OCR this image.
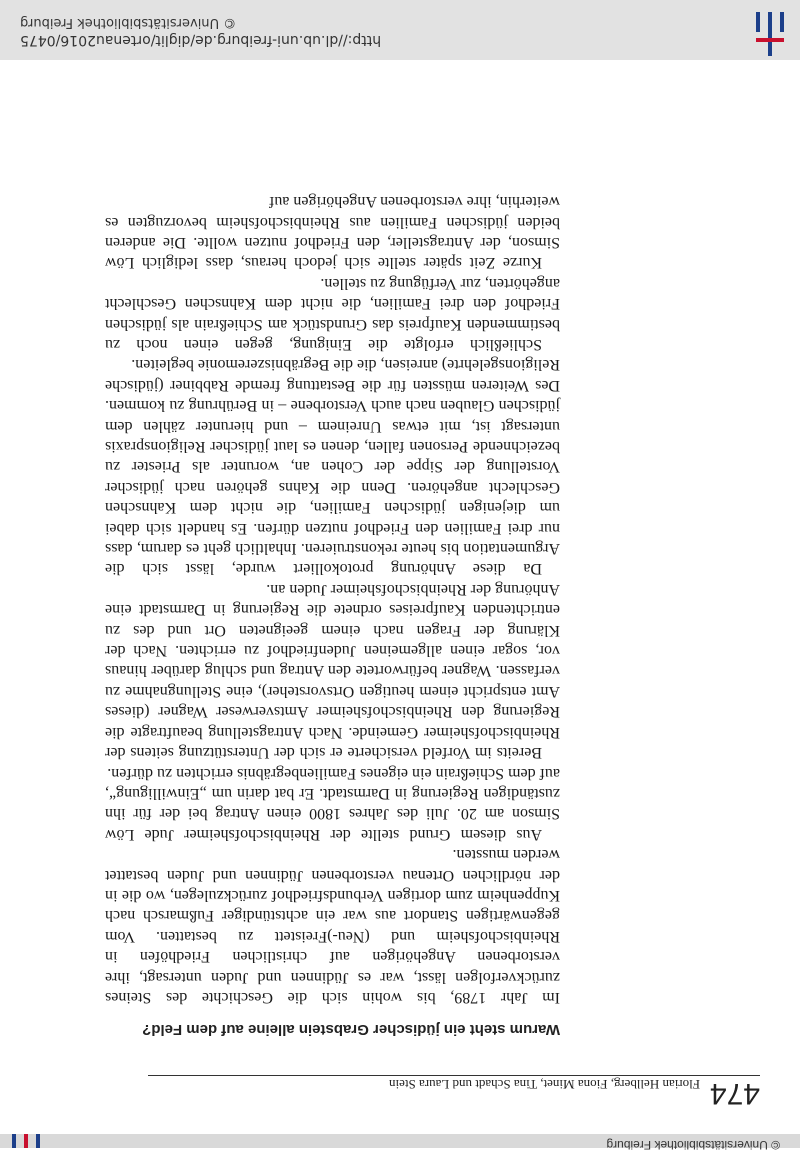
© Universitätsbibliothek Freiburg
474
Florian Hellberg, Fiona Minet, Tina Schadt und Laura Stein
Warum steht ein jüdischer Grabstein alleine auf dem Feld?

Im Jahr 1789, bis wohin sich die Geschichte des Steines zurückverfolgen lässt, war es Jüdinnen und Juden untersagt, ihre verstorbenen Angehörigen auf christlichen Friedhöfen in Rheinbischofsheim und (Neu-)Freistett zu bestatten. Vom gegenwärtigen Standort aus war ein achtstündiger Fußmarsch nach Kuppenheim zum dortigen Verbundsfriedhof zurückzulegen, wo die in der nördlichen Ortenau verstorbenen Jüdinnen und Juden bestattet werden mussten.

Aus diesem Grund stellte der Rheinbischofsheimer Jude Löw Simson am 20. Juli des Jahres 1800 einen Antrag bei der für ihn zuständigen Regierung in Darmstadt. Er bat darin um „Einwilligung“, auf dem Schießrain ein eigenes Familienbegräbnis errichten zu dürfen.

Bereits im Vorfeld versicherte er sich der Unterstützung seitens der Rheinbischofsheimer Gemeinde. Nach Antragstellung beauftragte die Regierung den Rheinbischofsheimer Amtsverweser Wagner (dieses Amt entspricht einem heutigen Ortsvorsteher), eine Stellungnahme zu verfassen. Wagner befürwortete den Antrag und schlug darüber hinaus vor, sogar einen allgemeinen Judenfriedhof zu errichten. Nach der Klärung der Fragen nach einem geeigneten Ort und des zu entrichtenden Kaufpreises ordnete die Regierung in Darmstadt eine Anhörung der Rheinbischofsheimer Juden an.

Da diese Anhörung protokolliert wurde, lässt sich die Argumentation bis heute rekonstruieren. Inhaltlich geht es darum, dass nur drei Familien den Friedhof nutzen dürfen. Es handelt sich dabei um diejenigen jüdischen Familien, die nicht dem Kahnschen Geschlecht angehören. Denn die Kahns gehören nach jüdischer Vorstellung der Sippe der Cohen an, worunter als Priester zu bezeichnende Personen fallen, denen es laut jüdischer Religionspraxis untersagt ist, mit etwas Unreinem – und hierunter zählen dem jüdischen Glauben nach auch Verstorbene – in Berührung zu kommen. Des Weiteren müssten für die Bestattung fremde Rabbiner (jüdische Religionsgelehrte) anreisen, die die Begräbniszeremonie begleiten.

Schließlich erfolgte die Einigung, gegen einen noch zu bestimmenden Kaufpreis das Grundstück am Schießrain als jüdischen Friedhof den drei Familien, die nicht dem Kahnschen Geschlecht angehörten, zur Verfügung zu stellen.

Kurze Zeit später stellte sich jedoch heraus, dass lediglich Löw Simson, der Antragsteller, den Friedhof nutzen wollte. Die anderen beiden jüdischen Familien aus Rheinbischofsheim bevorzugten es weiterhin, ihre verstorbenen Angehörigen auf

http://dl.ub.uni-freiburg.de/diglit/ortenau2016/0475
© Universitätsbibliothek Freiburg
